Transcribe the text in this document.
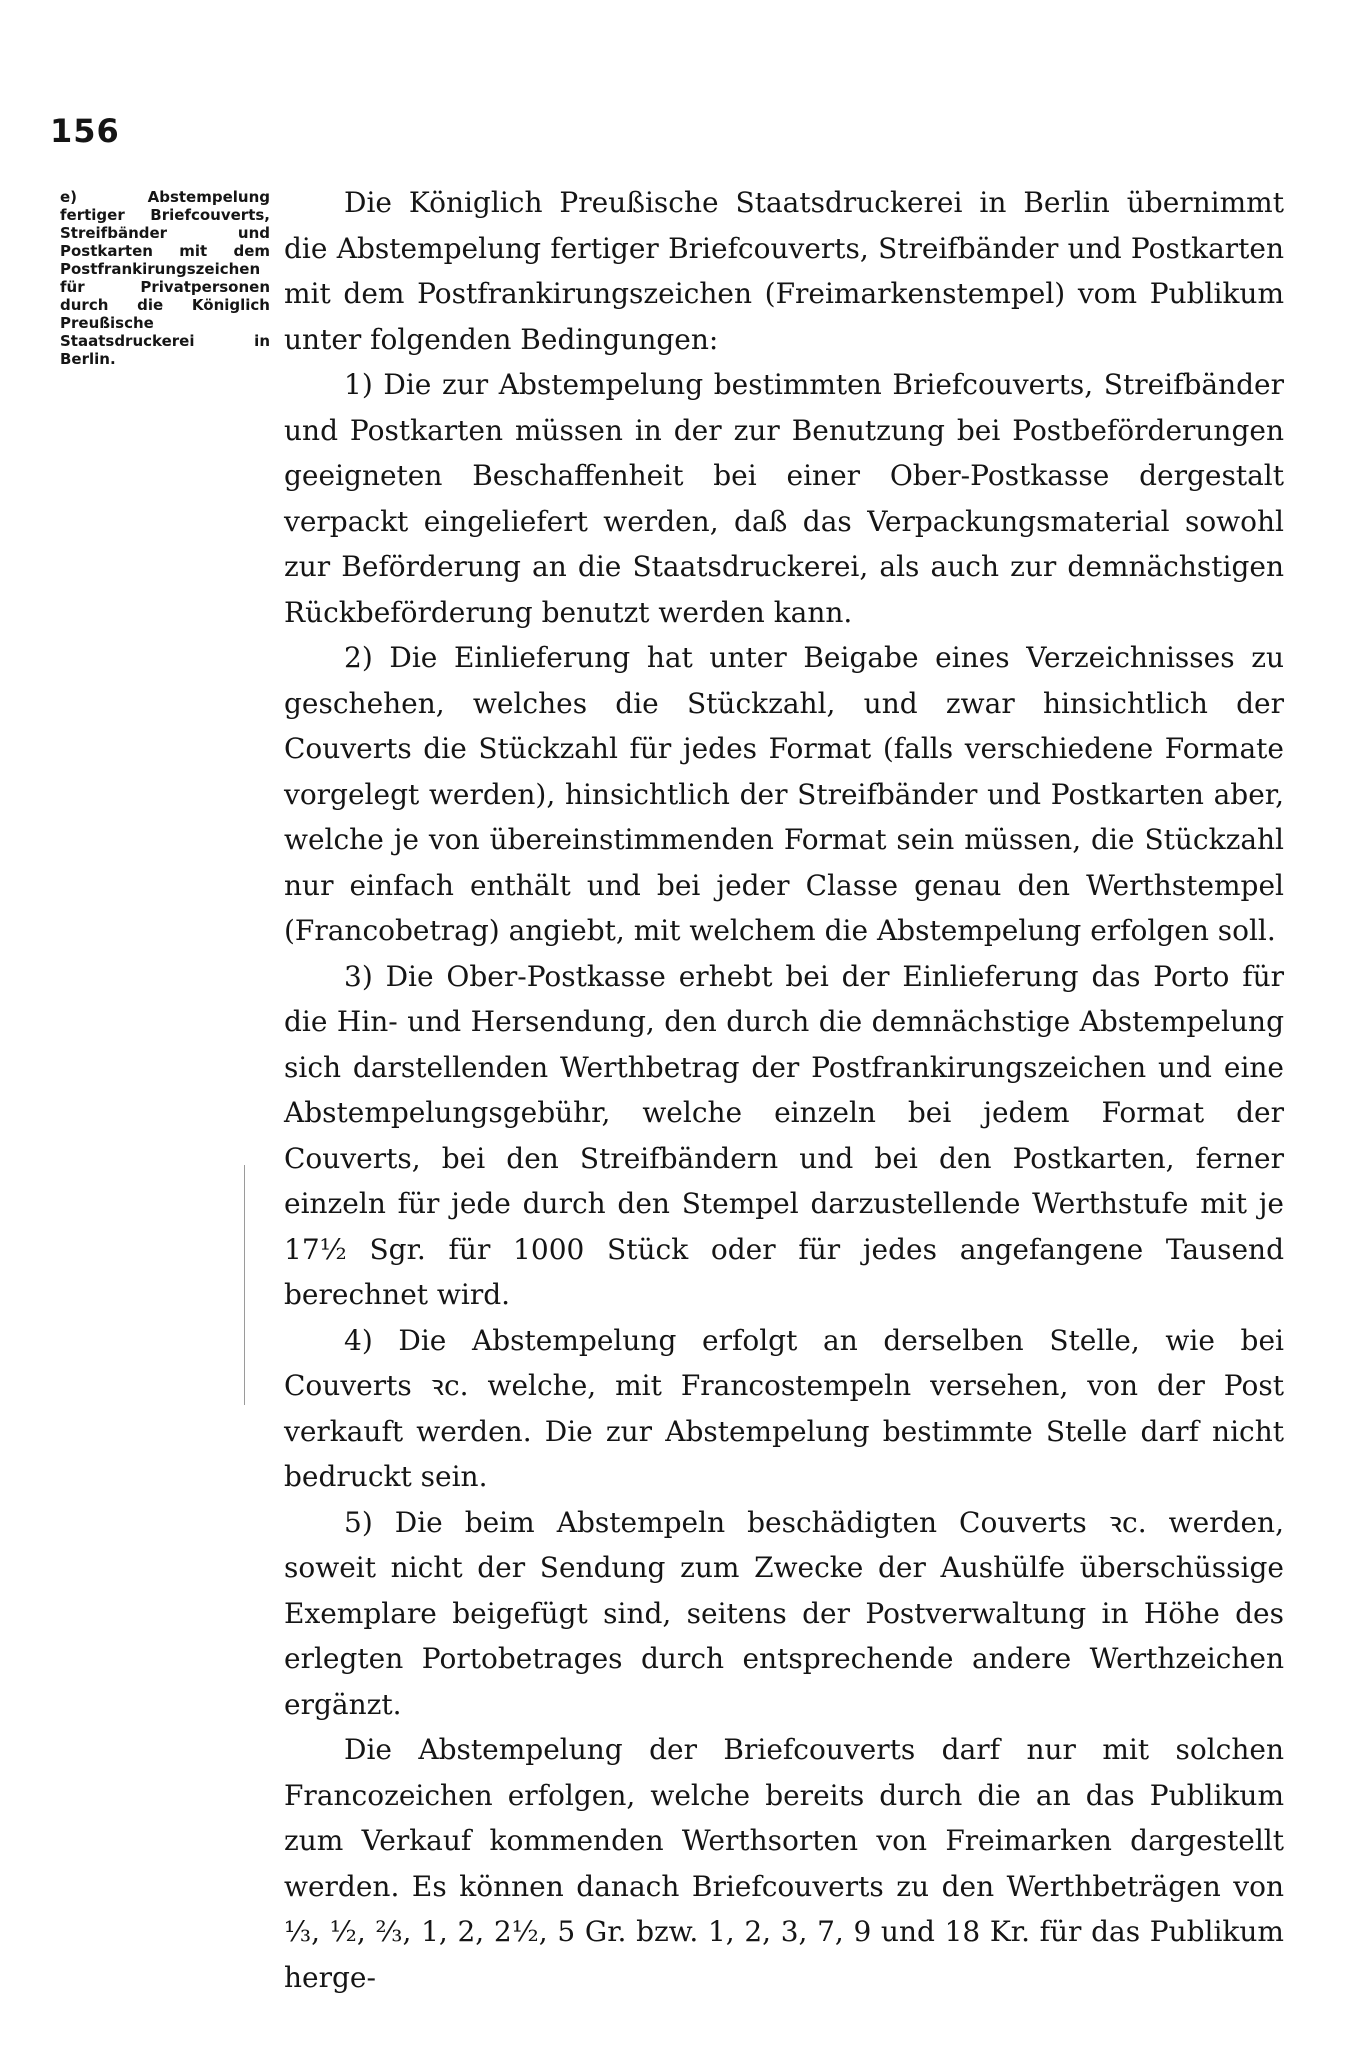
156
e) Abstempelung fertiger Briefcouverts, Streifbänder und Postkarten mit dem Postfrankirungszeichen für Privatpersonen durch die Königlich Preußische Staatsdruckerei in Berlin.

Die Königlich Preußische Staatsdruckerei in Berlin übernimmt die Abstempelung fertiger Briefcouverts, Streifbänder und Postkarten mit dem Postfrankirungszeichen (Freimarkenstempel) vom Publikum unter folgenden Bedingungen:

1) Die zur Abstempelung bestimmten Briefcouverts, Streifbänder und Postkarten müssen in der zur Benutzung bei Postbeförderungen geeigneten Beschaffenheit bei einer Ober-Postkasse dergestalt verpackt eingeliefert werden, daß das Verpackungsmaterial sowohl zur Beförderung an die Staatsdruckerei, als auch zur demnächstigen Rückbeförderung benutzt werden kann.

2) Die Einlieferung hat unter Beigabe eines Verzeichnisses zu geschehen, welches die Stückzahl, und zwar hinsichtlich der Couverts die Stückzahl für jedes Format (falls verschiedene Formate vorgelegt werden), hinsichtlich der Streifbänder und Postkarten aber, welche je von übereinstimmenden Format sein müssen, die Stückzahl nur einfach enthält und bei jeder Classe genau den Werthstempel (Francobetrag) angiebt, mit welchem die Abstempelung erfolgen soll.

3) Die Ober-Postkasse erhebt bei der Einlieferung das Porto für die Hin- und Hersendung, den durch die demnächstige Abstempelung sich darstellenden Werthbetrag der Postfrankirungszeichen und eine Abstempelungsgebühr, welche einzeln bei jedem Format der Couverts, bei den Streifbändern und bei den Postkarten, ferner einzeln für jede durch den Stempel darzustellende Werthstufe mit je 17½ Sgr. für 1000 Stück oder für jedes angefangene Tausend berechnet wird.

4) Die Abstempelung erfolgt an derselben Stelle, wie bei Couverts ꝛc. welche, mit Francostempeln versehen, von der Post verkauft werden. Die zur Abstempelung bestimmte Stelle darf nicht bedruckt sein.

5) Die beim Abstempeln beschädigten Couverts ꝛc. werden, soweit nicht der Sendung zum Zwecke der Aushülfe überschüssige Exemplare beigefügt sind, seitens der Postverwaltung in Höhe des erlegten Portobetrages durch entsprechende andere Werthzeichen ergänzt.

Die Abstempelung der Briefcouverts darf nur mit solchen Francozeichen erfolgen, welche bereits durch die an das Publikum zum Verkauf kommenden Werthsorten von Freimarken dargestellt werden. Es können danach Briefcouverts zu den Werthbeträgen von ⅓, ½, ⅔, 1, 2, 2½, 5 Gr. bzw. 1, 2, 3, 7, 9 und 18 Kr. für das Publikum herge-
